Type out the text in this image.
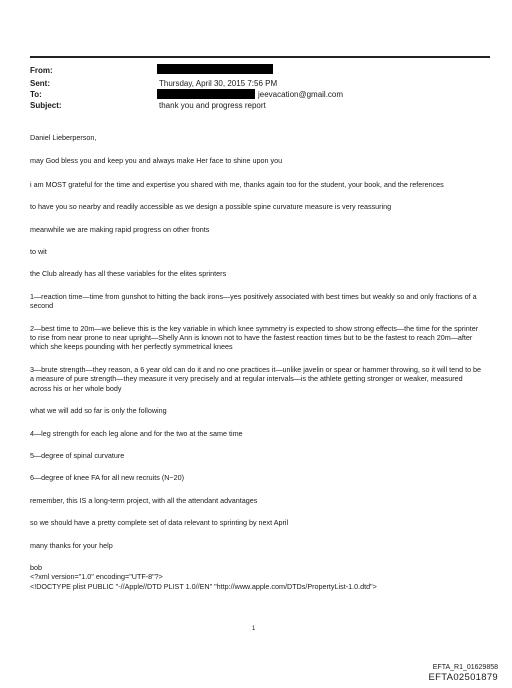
From:
Sent:	Thursday, April 30, 2015 7:56 PM
To:	jeevacation@gmail.com
Subject:	thank you and progress report

Daniel Lieberperson,

may God bless you and keep you and always make Her face to shine upon you

i am MOST grateful for the time and expertise you shared with me, thanks again too for the student, your book, and the references

to have you so nearby and readily accessible as we design a possible spine curvature measure is very reassuring

meanwhile we are making rapid progress on other fronts

to wit

the Club already has all these variables for the elites sprinters

1—reaction time—time from gunshot to hitting the back irons—yes positively associated with best times but weakly so and only fractions of a second

2—best time to 20m—we believe this is the key variable in which knee symmetry is expected to show strong effects—the time for the sprinter to rise from near prone to near upright—Shelly Ann is known not to have the fastest reaction times but to be the fastest to reach 20m—after which she keeps pounding with her perfectly symmetrical knees

3—brute strength—they reason, a 6 year old can do it and no one practices it—unlike javelin or spear or hammer throwing, so it will tend to be a measure of pure strength—they measure it very precisely and at regular intervals—is the athlete getting stronger or weaker, measured across his or her whole body

what we will add so far is only the following

4—leg strength for each leg alone and for the two at the same time

5—degree of spinal curvature

6—degree of knee FA for all new recruits (N~20)

remember, this IS a long-term project, with all the attendant advantages

so we should have a pretty complete set of data relevant to sprinting by next April

many thanks for your help

bob

<?xml version="1.0" encoding="UTF-8"?>

<!DOCTYPE plist PUBLIC "-//Apple//DTD PLIST 1.0//EN" "http://www.apple.com/DTDs/PropertyList-1.0.dtd">

1
EFTA_R1_01629858
EFTA02501879
